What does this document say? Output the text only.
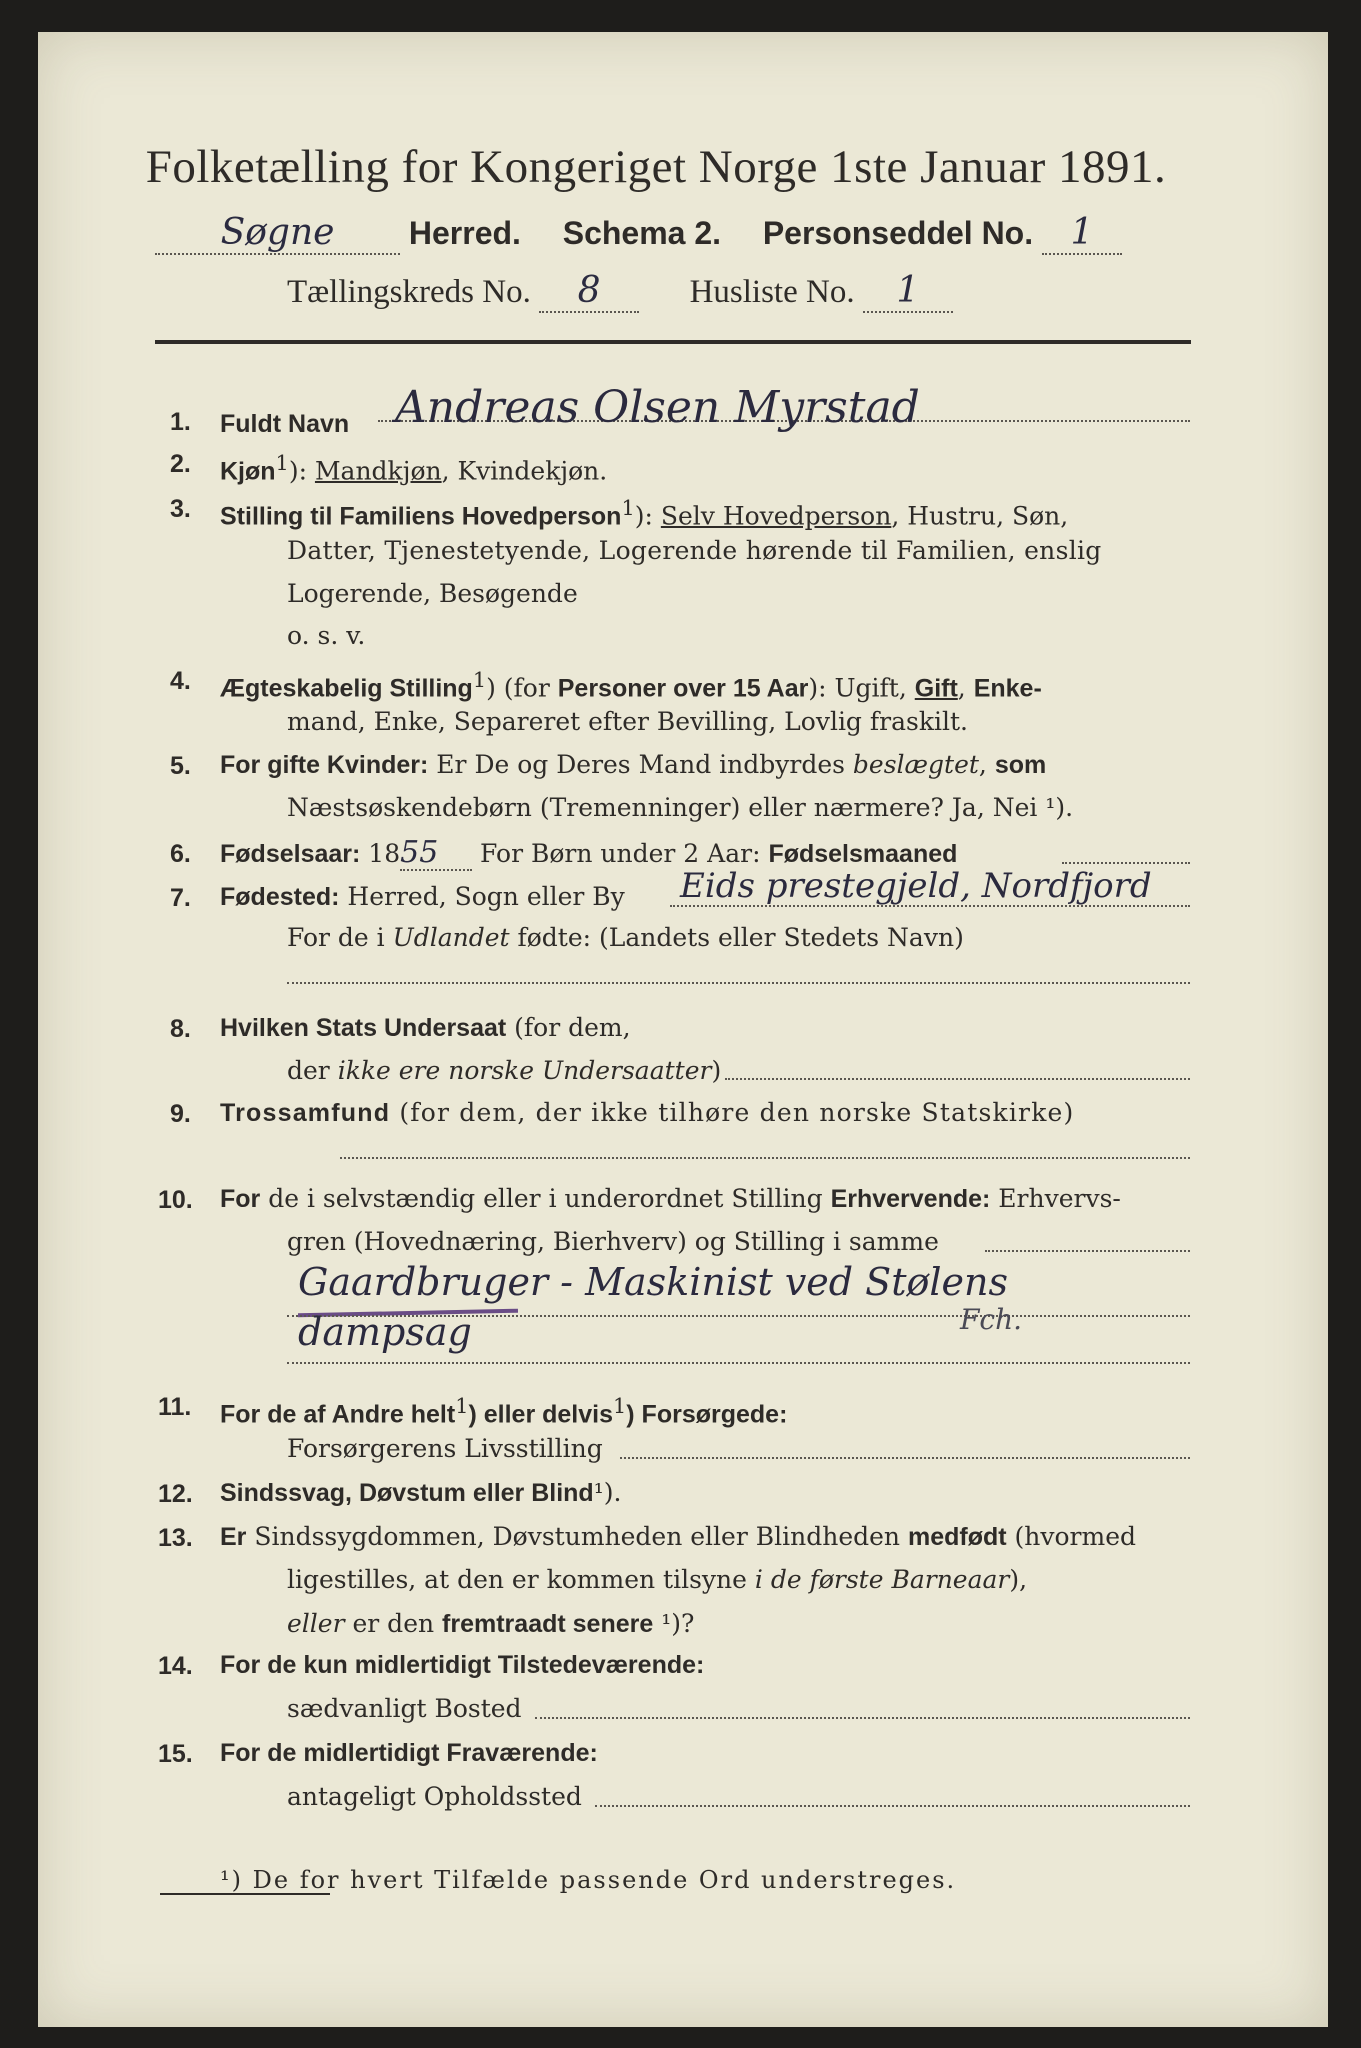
Folketælling for Kongeriget Norge 1ste Januar 1891.
Søgne Herred. Schema 2. Personseddel No. 1
Tællingskreds No. 8	Husliste No. 1
1. Fuldt Navn Andreas Olsen Myrstad
2. Kjøn$^1$): Mandkjøn, Kvindekjøn.
3. Stilling til Familiens Hovedperson$^1$): Selv Hovedperson, Hustru, Søn,
Datter, Tjenestetyende, Logerende hørende til Familien, enslig
Logerende, Besøgende
o. s. v.
4. Ægteskabelig Stilling$^1$) (for Personer over 15 Aar): Ugift, Gift, Enke-
mand, Enke, Separeret efter Bevilling, Lovlig fraskilt.
5. For gifte Kvinder: Er De og Deres Mand indbyrdes beslægtet, som
Næstsøskendebørn (Tremenninger) eller nærmere? Ja, Nei ¹).
6. Fødselsaar: 1855 For Børn under 2 Aar: Fødselsmaaned
7. Fødested: Herred, Sogn eller By Eids prestegjeld, Nordfjord
For de i Udlandet fødte: (Landets eller Stedets Navn)
8. Hvilken Stats Undersaat (for dem,
der ikke ere norske Undersaatter)
9. Trossamfund (for dem, der ikke tilhøre den norske Statskirke)
10. For de i selvstændig eller i underordnet Stilling Erhvervende: Erhvervs-
gren (Hovednæring, Bierhverv) og Stilling i samme
Gaardbruger - Maskinist ved Stølens
dampsag	Fch.
11. For de af Andre helt$^1$) eller delvis$^1$) Forsørgede:
Forsørgerens Livsstilling
12. Sindssvag, Døvstum eller Blind¹).
13. Er Sindssygdommen, Døvstumheden eller Blindheden medfødt (hvormed
ligestilles, at den er kommen tilsyne i de første Barneaar),
eller er den fremtraadt senere ¹)?
14. For de kun midlertidigt Tilstedeværende:
sædvanligt Bosted
15. For de midlertidigt Fraværende:
antageligt Opholdssted
¹) De for hvert Tilfælde passende Ord understreges.
